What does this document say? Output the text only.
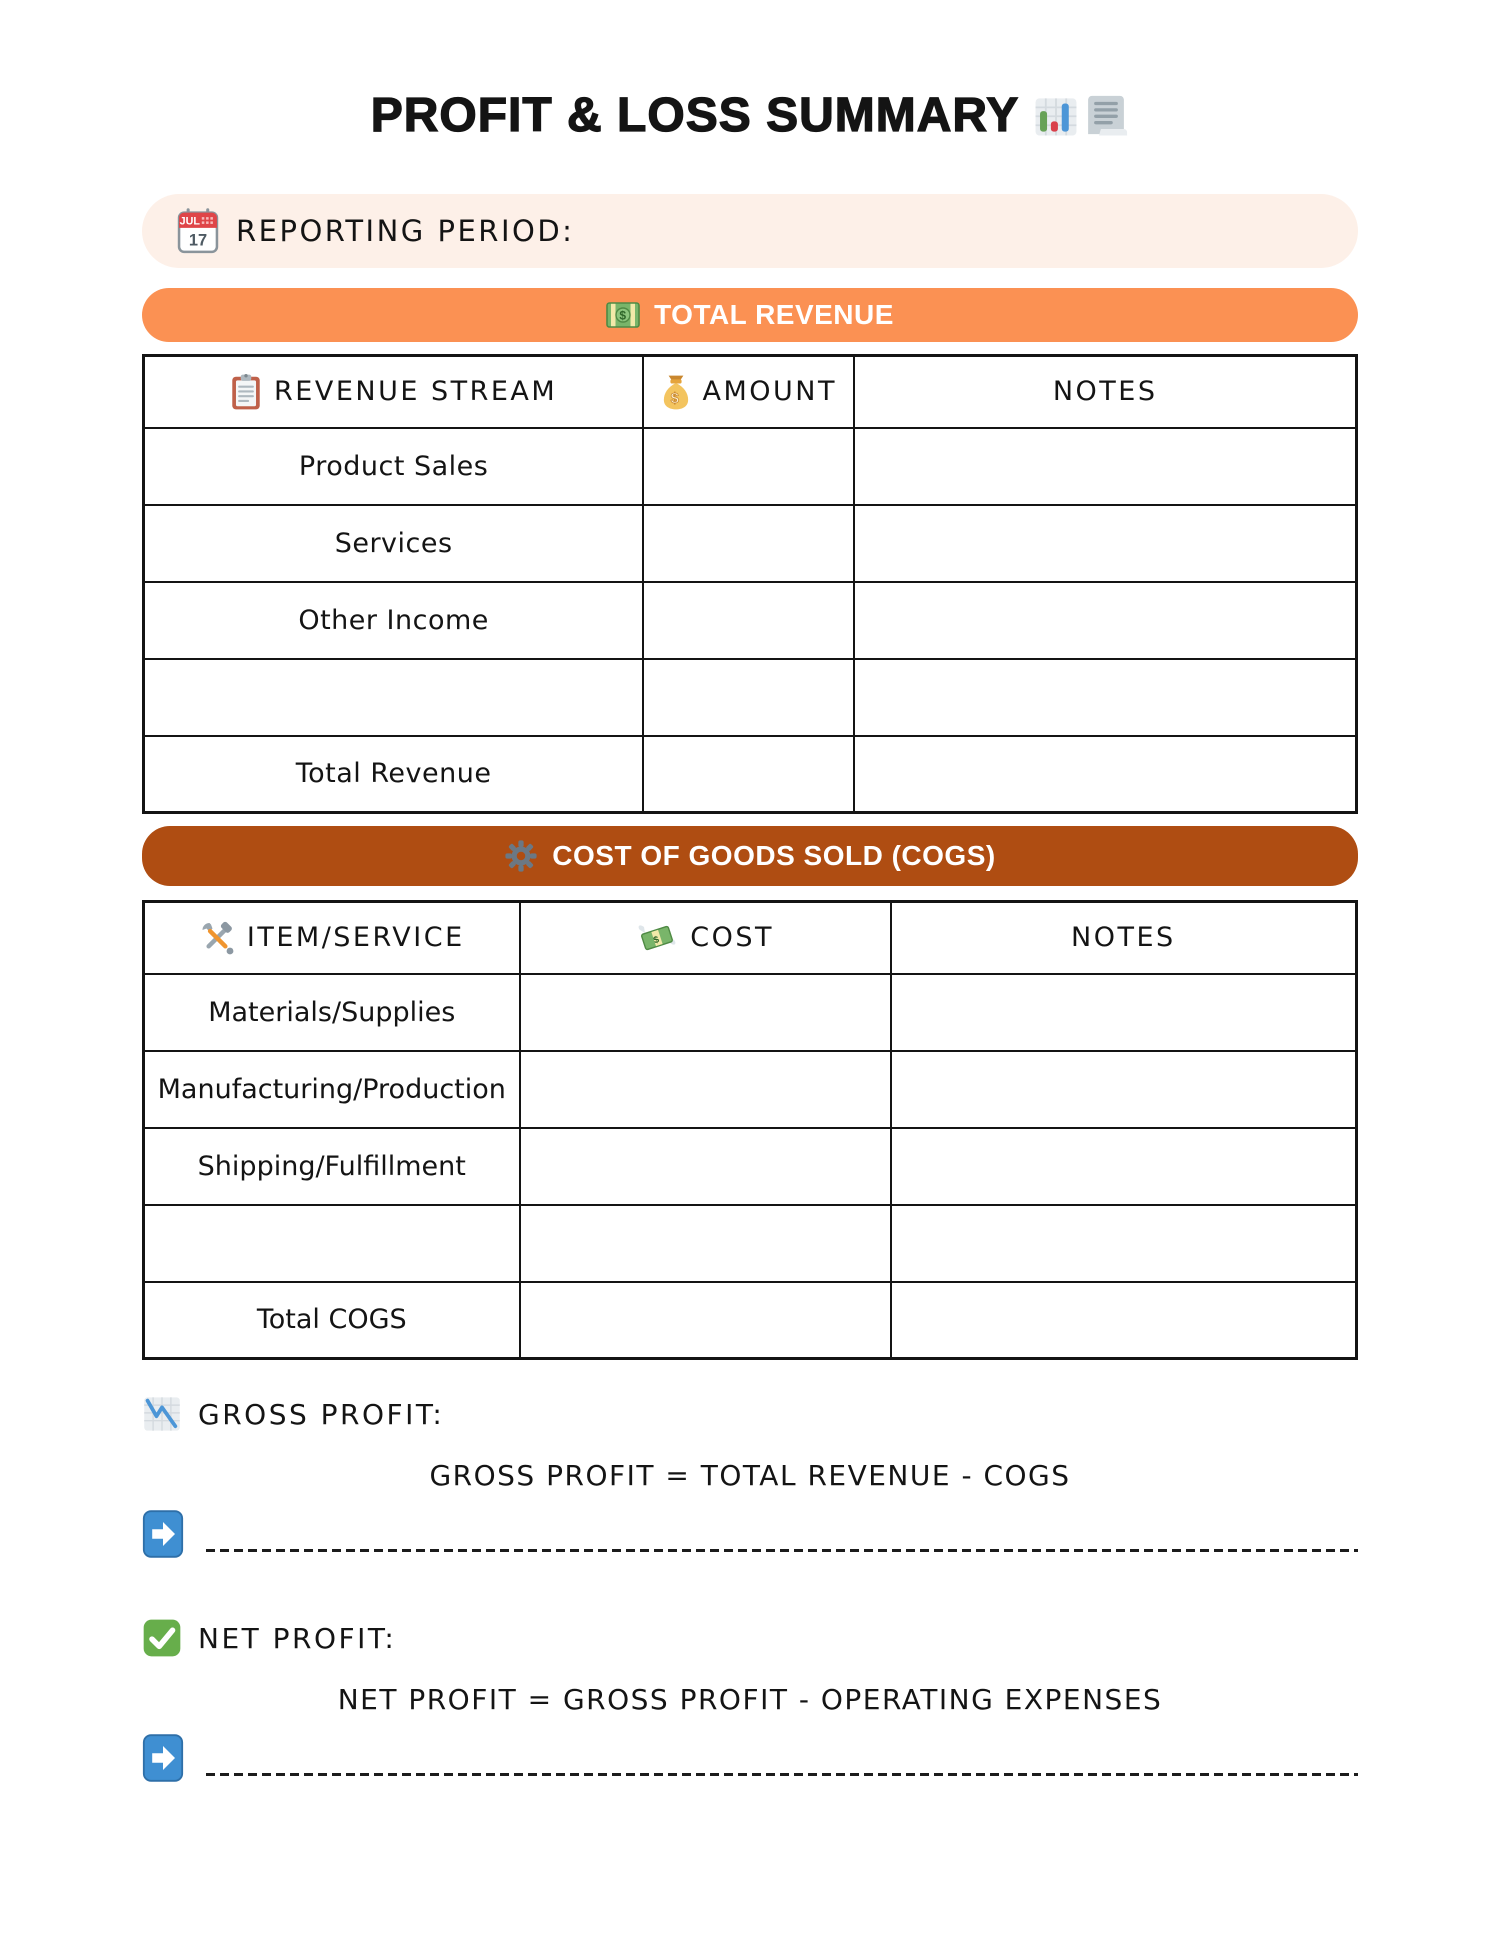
PROFIT & LOSS SUMMARY
JUL
17 REPORTING PERIOD:
$ TOTAL REVENUE
REVENUE STREAM	$ AMOUNT	NOTES

Product Sales		
Services		
Other Income		

Total Revenue		
COST OF GOODS SOLD (COGS)
ITEM/SERVICE	$ COST	NOTES

Materials/Supplies		
Manufacturing/Production		
Shipping/Fulfillment		

Total COGS		
GROSS PROFIT:
GROSS PROFIT = TOTAL REVENUE - COGS
NET PROFIT:
NET PROFIT = GROSS PROFIT - OPERATING EXPENSES
